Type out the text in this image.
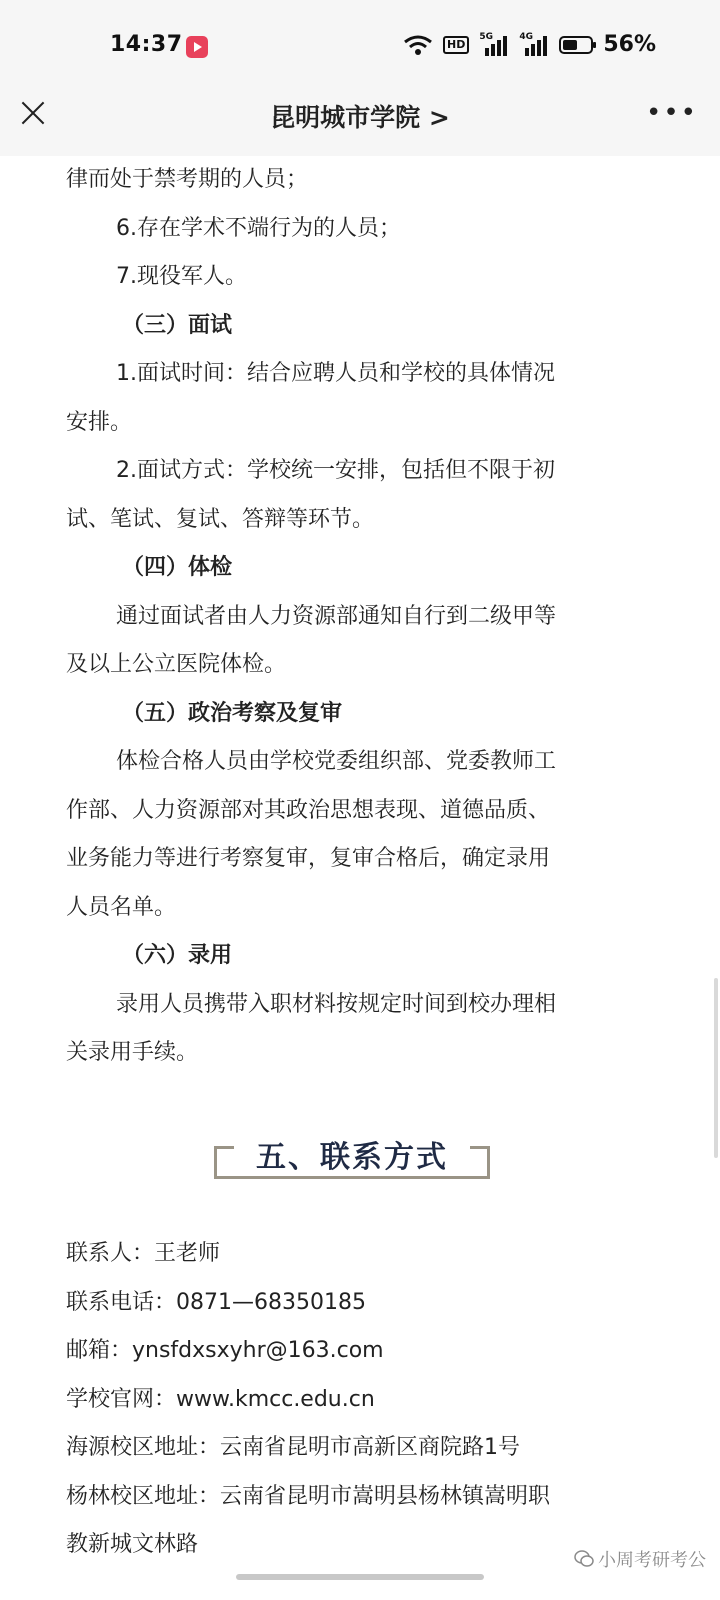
14:37	HD
5G	4G	56%
昆明城市学院 >	•••

律而处于禁考期的人员；

6.存在学术不端行为的人员；

7.现役军人。

（三）面试

1.面试时间：结合应聘人员和学校的具体情况

安排。

2.面试方式：学校统一安排，包括但不限于初

试、笔试、复试、答辩等环节。

（四）体检

通过面试者由人力资源部通知自行到二级甲等

及以上公立医院体检。

（五）政治考察及复审

体检合格人员由学校党委组织部、党委教师工

作部、人力资源部对其政治思想表现、道德品质、

业务能力等进行考察复审，复审合格后，确定录用

人员名单。

（六）录用

录用人员携带入职材料按规定时间到校办理相

关录用手续。

五、联系方式

联系人：王老师

联系电话：0871—68350185

邮箱：ynsfdxsxyhr@163.com

学校官网：www.kmcc.edu.cn

海源校区地址：云南省昆明市高新区商院路1号

杨林校区地址：云南省昆明市嵩明县杨林镇嵩明职

教新城文林路

小周考研考公
